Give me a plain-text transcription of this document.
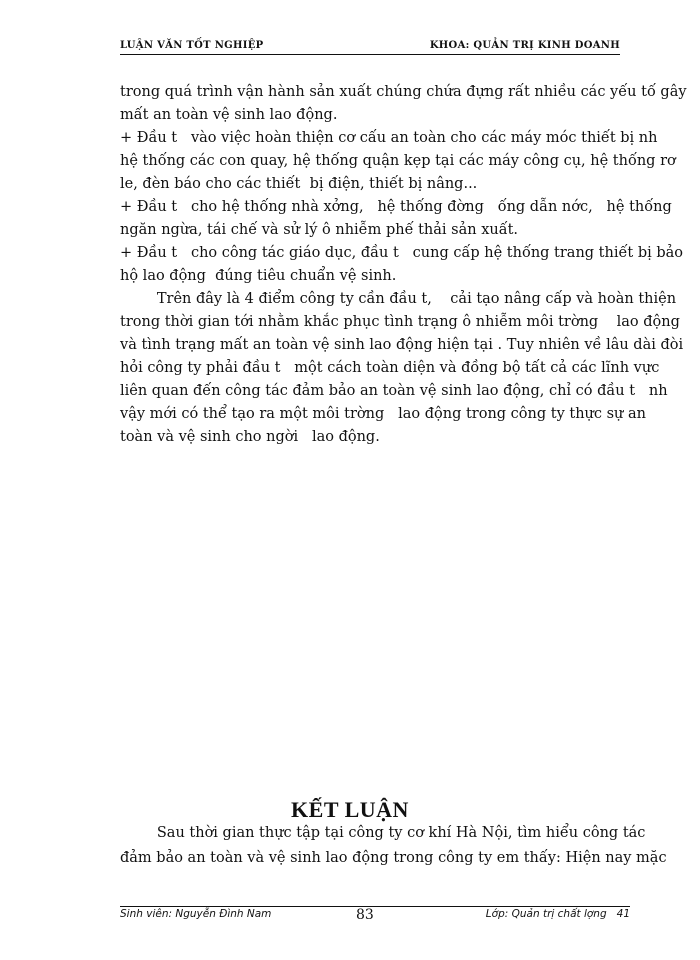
LUẬN VĂN TỐT NGHIỆP	KHOA: QUẢN TRỊ KINH DOANH
trong quá trình vận hành sản xuất chúng chứa đựng rất nhiều các yếu tố gây
mất an toàn vệ sinh lao động.
+ Đầu t   vào việc hoàn thiện cơ cấu an toàn cho các máy móc thiết bị nh
hệ thống các con quay, hệ thống quận kẹp tại các máy công cụ, hệ thống rơ
le, đèn báo cho các thiết  bị điện, thiết bị nâng...
+ Đầu t   cho hệ thống nhà xởng,   hệ thống đờng   ống dẫn nớc,   hệ thống
ngăn ngừa, tái chế và sử lý ô nhiễm phế thải sản xuất.
+ Đầu t   cho công tác giáo dục, đầu t   cung cấp hệ thống trang thiết bị bảo
hộ lao động  đúng tiêu chuẩn vệ sinh.
Trên đây là 4 điểm công ty cần đầu t,    cải tạo nâng cấp và hoàn thiện
trong thời gian tới nhằm khắc phục tình trạng ô nhiễm môi trờng    lao động
và tình trạng mất an toàn vệ sinh lao động hiện tại . Tuy nhiên về lâu dài đòi
hỏi công ty phải đầu t   một cách toàn diện và đồng bộ tất cả các lĩnh vực
liên quan đến công tác đảm bảo an toàn vệ sinh lao động, chỉ có đầu t   nh
vậy mới có thể tạo ra một môi trờng   lao động trong công ty thực sự an
toàn và vệ sinh cho ngời   lao động.
KẾT LUẬN
Sau thời gian thực tập tại công ty cơ khí Hà Nội, tìm hiểu công tác
đảm bảo an toàn và vệ sinh lao động trong công ty em thấy: Hiện nay mặc
Sinh viên: Nguyễn Đình Nam	83	Lớp: Quản trị chất lợng   41
